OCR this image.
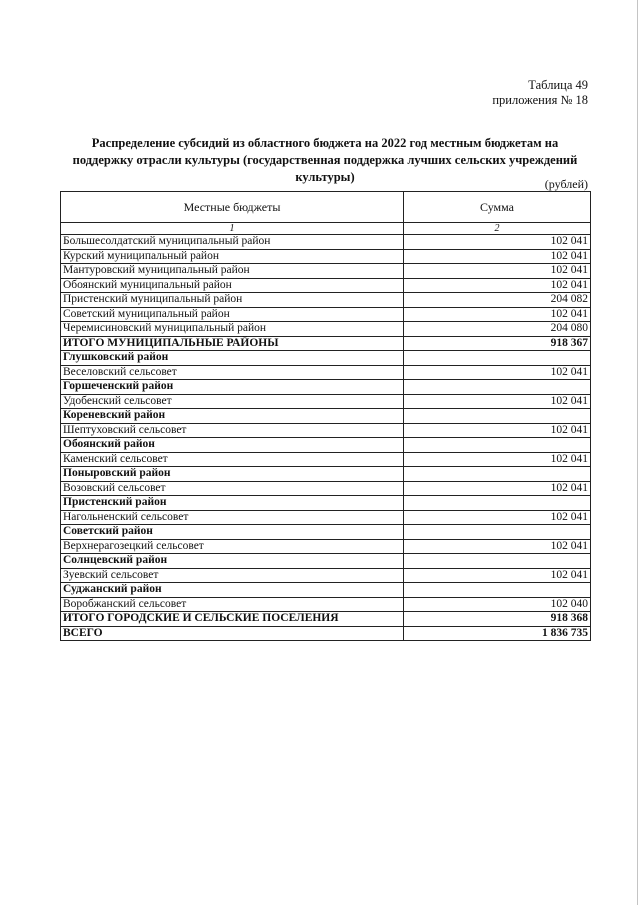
Таблица 49
приложения № 18
Распределение субсидий из областного бюджета на 2022 год местным бюджетам на поддержку отрасли культуры (государственная поддержка лучших сельских учреждений культуры)	(рублей)
Местные бюджеты	Сумма
1	2
Большесолдатский муниципальный район	102 041
Курский муниципальный район	102 041
Мантуровский муниципальный район	102 041
Обоянский муниципальный район	102 041
Пристенский муниципальный район	204 082
Советский муниципальный район	102 041
Черемисиновский муниципальный район	204 080
ИТОГО МУНИЦИПАЛЬНЫЕ РАЙОНЫ	918 367
Глушковский район	
Веселовский сельсовет	102 041
Горшеченский район	
Удобенский сельсовет	102 041
Кореневский район	
Шептуховский сельсовет	102 041
Обоянский район	
Каменский сельсовет	102 041
Поныровский район	
Возовский сельсовет	102 041
Пристенский район	
Нагольненский сельсовет	102 041
Советский район	
Верхнерагозецкий сельсовет	102 041
Солнцевский район	
Зуевский сельсовет	102 041
Суджанский район	
Воробжанский сельсовет	102 040
ИТОГО ГОРОДСКИЕ И СЕЛЬСКИЕ ПОСЕЛЕНИЯ	918 368
ВСЕГО	1 836 735
